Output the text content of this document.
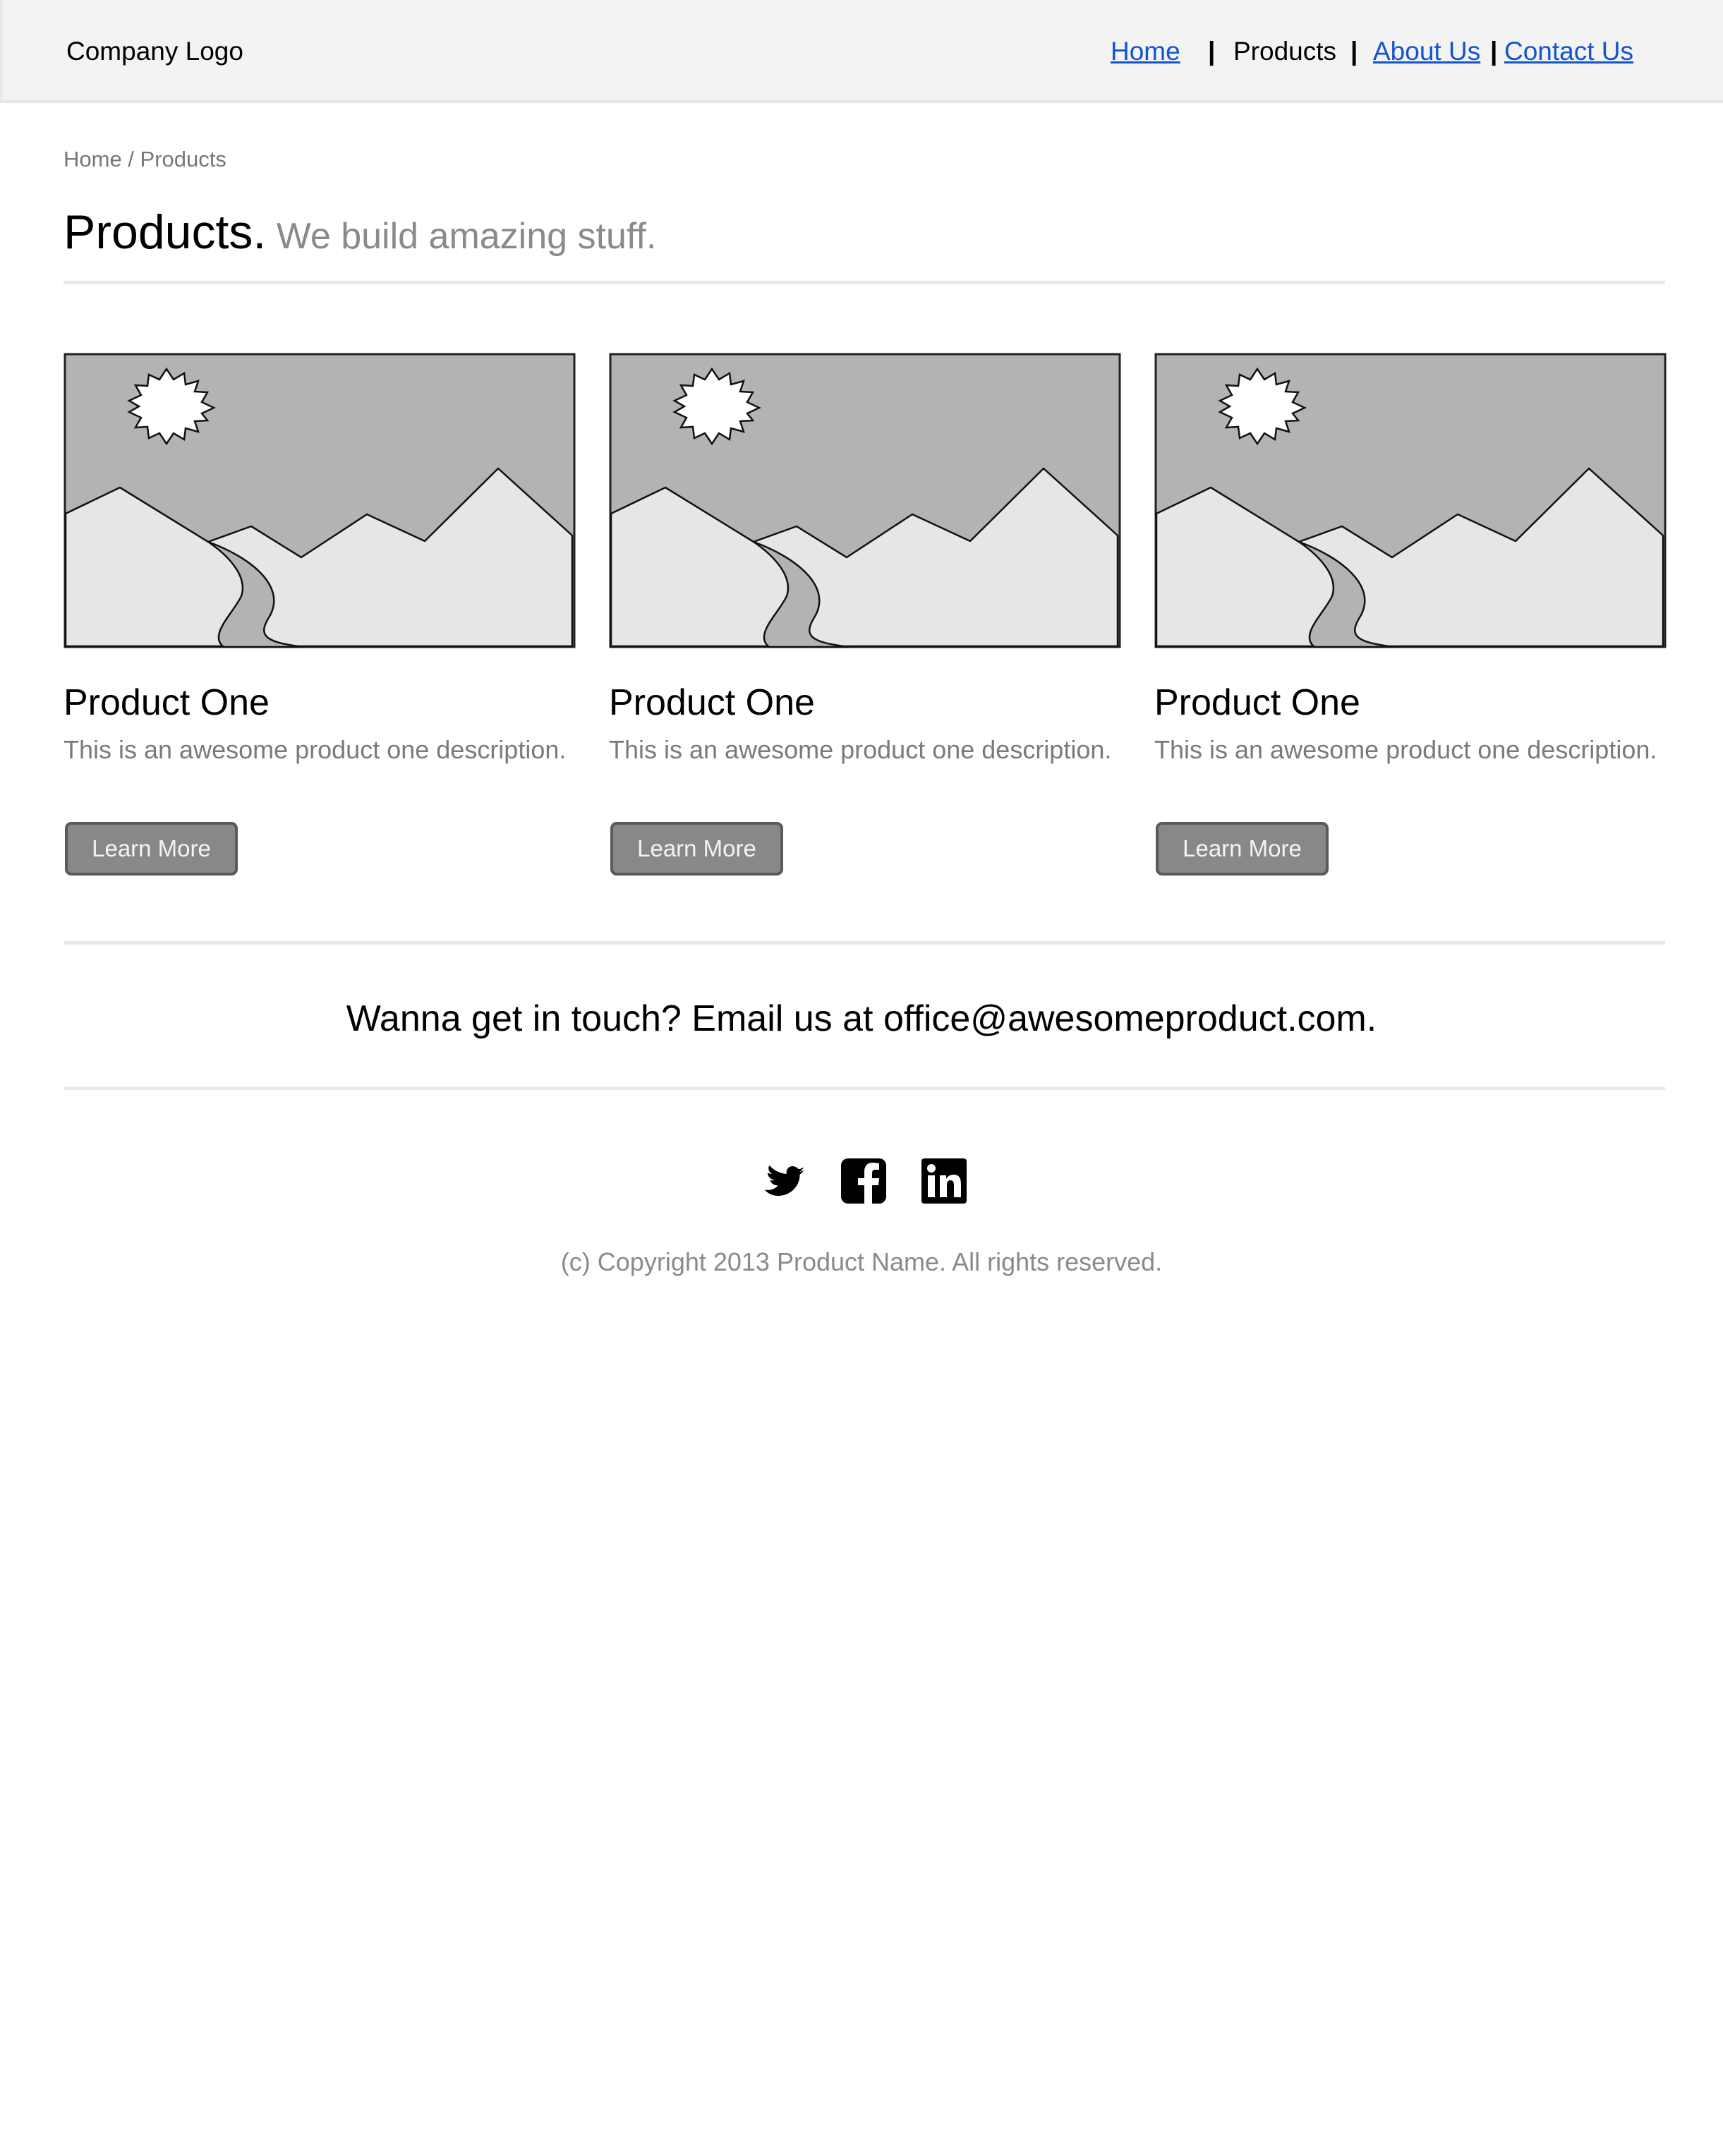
Company Logo	Home | Products | About Us | Contact Us
Home / Products
Products. We build amazing stuff.
Product One
This is an awesome product one description.
Learn More
Product One
This is an awesome product one description.
Learn More
Product One
This is an awesome product one description.
Learn More
Wanna get in touch? Email us at office@awesomeproduct.com.
(c) Copyright 2013 Product Name. All rights reserved.
